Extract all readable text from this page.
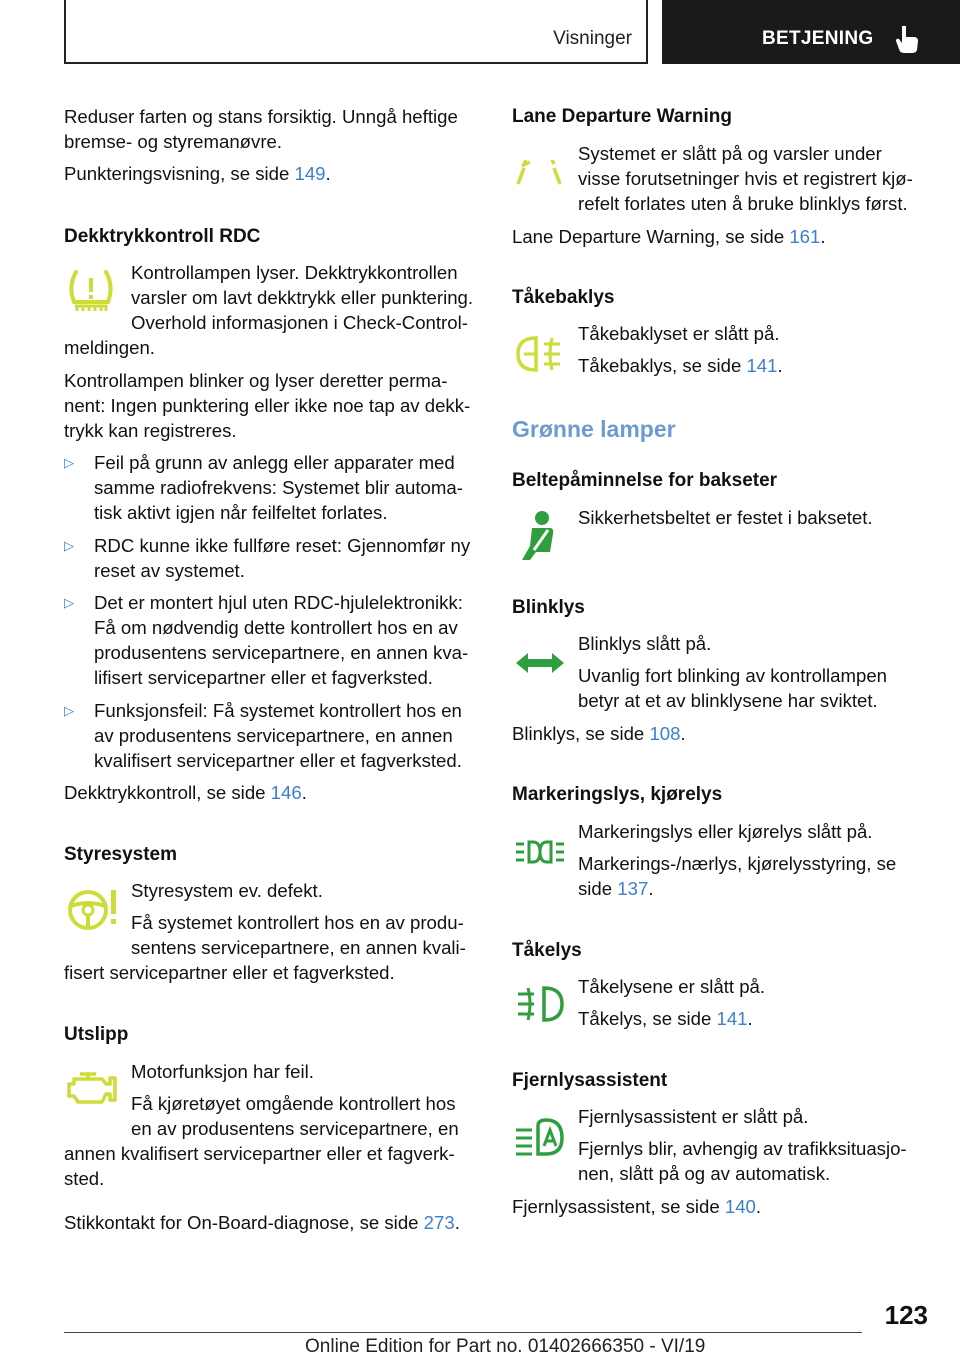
Visninger	BETJENING
Reduser farten og stans forsiktig. Unngå heftige
bremse- og styremanøvre.
Punkteringsvisning, se side 149.
Dekktrykkontroll RDC
Kontrollampen lyser. Dekktrykkontrollen
varsler om lavt dekktrykk eller punktering.
Overhold informasjonen i Check-Control-
meldingen.
Kontrollampen blinker og lyser deretter perma-
nent: Ingen punktering eller ikke noe tap av dekk-
trykk kan registreres.
▷ Feil på grunn av anlegg eller apparater med
samme radiofrekvens: Systemet blir automa-
tisk aktivt igjen når feilfeltet forlates.
▷ RDC kunne ikke fullføre reset: Gjennomfør ny
reset av systemet.
▷ Det er montert hjul uten RDC-hjulelektronikk:
Få om nødvendig dette kontrollert hos en av
produsentens servicepartnere, en annen kva-
lifisert servicepartner eller et fagverksted.
▷ Funksjonsfeil: Få systemet kontrollert hos en
av produsentens servicepartnere, en annen
kvalifisert servicepartner eller et fagverksted.
Dekktrykkontroll, se side 146.
Styresystem
Styresystem ev. defekt.
Få systemet kontrollert hos en av produ-
sentens servicepartnere, en annen kvali-
fisert servicepartner eller et fagverksted.
Utslipp
Motorfunksjon har feil.
Få kjøretøyet omgående kontrollert hos
en av produsentens servicepartnere, en
annen kvalifisert servicepartner eller et fagverk-
sted.
Stikkontakt for On-Board-diagnose, se side 273.
Lane Departure Warning
Systemet er slått på og varsler under
visse forutsetninger hvis et registrert kjø-
refelt forlates uten å bruke blinklys først.
Lane Departure Warning, se side 161.
Tåkebaklys
Tåkebaklyset er slått på.
Tåkebaklys, se side 141.
Grønne lamper
Beltepåminnelse for bakseter
Sikkerhetsbeltet er festet i baksetet.
Blinklys
Blinklys slått på.
Uvanlig fort blinking av kontrollampen
betyr at et av blinklysene har sviktet.
Blinklys, se side 108.
Markeringslys, kjørelys
Markeringslys eller kjørelys slått på.
Markerings-/nærlys, kjørelysstyring, se
side 137.
Tåkelys
Tåkelysene er slått på.
Tåkelys, se side 141.
Fjernlysassistent
Fjernlysassistent er slått på.
Fjernlys blir, avhengig av trafikksituasjo-
nen, slått på og av automatisk.
Fjernlysassistent, se side 140.
123
Online Edition for Part no. 01402666350 - VI/19
